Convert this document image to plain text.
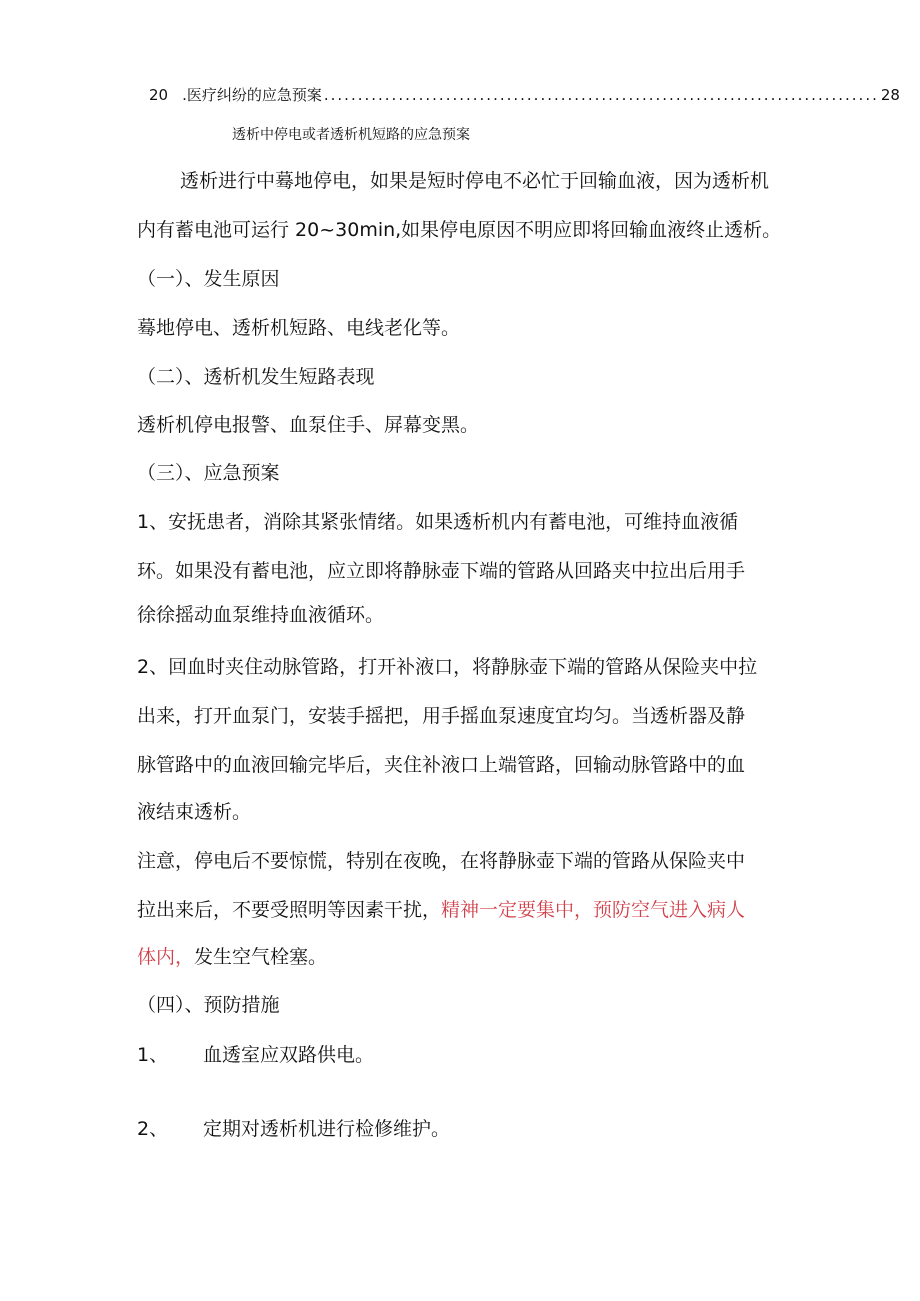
20 .医疗纠纷的应急预案 .................................................................................. 28
透析中停电或者透析机短路的应急预案
透析进行中蓦地停电，如果是短时停电不必忙于回输血液，因为透析机
内有蓄电池可运行 20~30min,如果停电原因不明应即将回输血液终止透析。
（一）、发生原因
蓦地停电、透析机短路、电线老化等。
（二）、透析机发生短路表现
透析机停电报警、血泵住手、屏幕变黑。
（三）、应急预案
1、安抚患者，消除其紧张情绪。如果透析机内有蓄电池，可维持血液循
环。如果没有蓄电池，应立即将静脉壶下端的管路从回路夹中拉出后用手
徐徐摇动血泵维持血液循环。
2、回血时夹住动脉管路，打开补液口，将静脉壶下端的管路从保险夹中拉
出来，打开血泵门，安装手摇把，用手摇血泵速度宜均匀。当透析器及静
脉管路中的血液回输完毕后，夹住补液口上端管路，回输动脉管路中的血
液结束透析。
注意，停电后不要惊慌，特别在夜晚，在将静脉壶下端的管路从保险夹中
拉出来后，不要受照明等因素干扰，精神一定要集中，预防空气进入病人
体内，发生空气栓塞。
（四）、预防措施
1、 血透室应双路供电。
2、 定期对透析机进行检修维护。
